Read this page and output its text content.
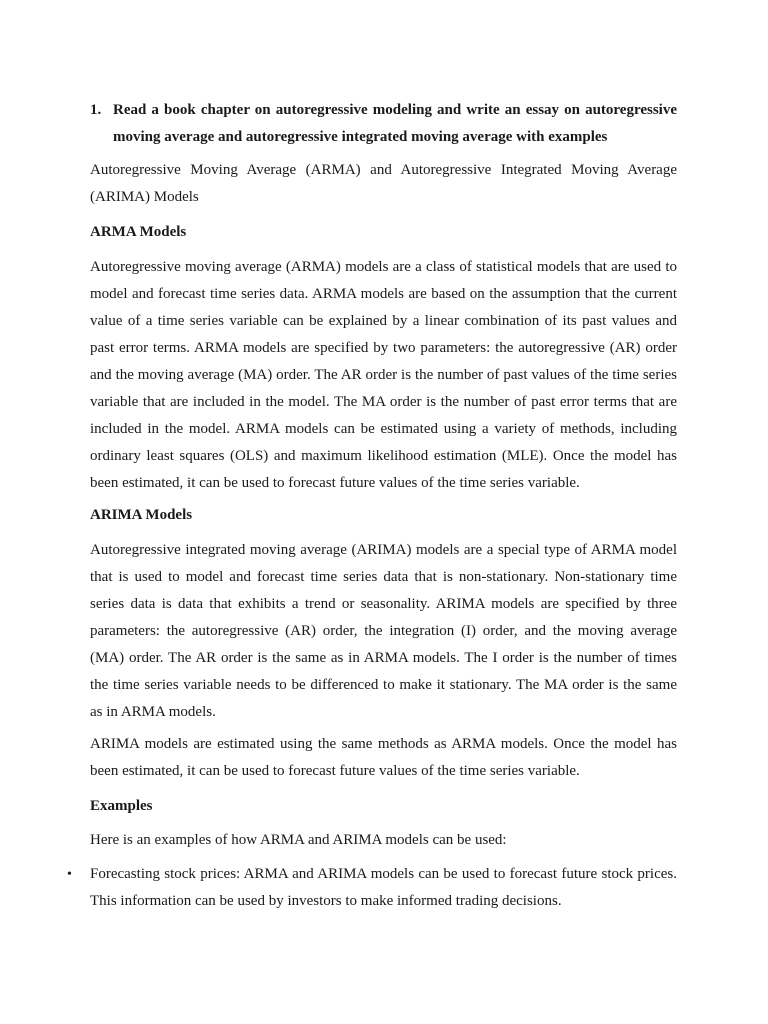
1. Read a book chapter on autoregressive modeling and write an essay on autoregressive moving average and autoregressive integrated moving average with examples

Autoregressive Moving Average (ARMA) and Autoregressive Integrated Moving Average (ARIMA) Models

ARMA Models

Autoregressive moving average (ARMA) models are a class of statistical models that are used to model and forecast time series data. ARMA models are based on the assumption that the current value of a time series variable can be explained by a linear combination of its past values and past error terms. ARMA models are specified by two parameters: the autoregressive (AR) order and the moving average (MA) order. The AR order is the number of past values of the time series variable that are included in the model. The MA order is the number of past error terms that are included in the model. ARMA models can be estimated using a variety of methods, including ordinary least squares (OLS) and maximum likelihood estimation (MLE). Once the model has been estimated, it can be used to forecast future values of the time series variable.

ARIMA Models

Autoregressive integrated moving average (ARIMA) models are a special type of ARMA model that is used to model and forecast time series data that is non-stationary. Non-stationary time series data is data that exhibits a trend or seasonality. ARIMA models are specified by three parameters: the autoregressive (AR) order, the integration (I) order, and the moving average (MA) order. The AR order is the same as in ARMA models. The I order is the number of times the time series variable needs to be differenced to make it stationary. The MA order is the same as in ARMA models.

ARIMA models are estimated using the same methods as ARMA models. Once the model has been estimated, it can be used to forecast future values of the time series variable.

Examples

Here is an examples of how ARMA and ARIMA models can be used:

• Forecasting stock prices: ARMA and ARIMA models can be used to forecast future stock prices. This information can be used by investors to make informed trading decisions.
